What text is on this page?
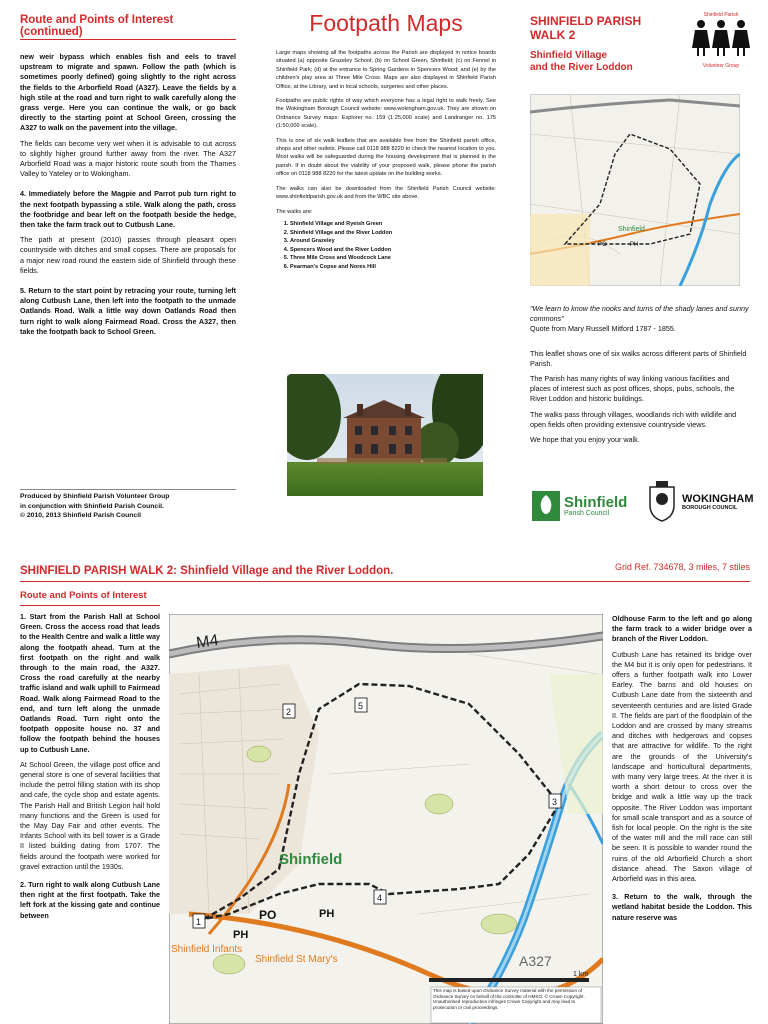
Route and Points of Interest (continued)

new weir bypass which enables fish and eels to travel upstream to migrate and spawn. Follow the path (which is sometimes poorly defined) going slightly to the right across the fields to the Arborfield Road (A327). Leave the fields by a high stile at the road and turn right to walk carefully along the grass verge. Here you can continue the walk, or go back directly to the starting point at School Green, crossing the A327 to walk on the pavement into the village.

The fields can become very wet when it is advisable to cut across to slightly higher ground further away from the river. The A327 Arborfield Road was a major historic route south from the Thames Valley to Yateley or to Wokingham.

4. Immediately before the Magpie and Parrot pub turn right to the next footpath bypassing a stile. Walk along the path, cross the footbridge and bear left on the footpath beside the hedge, then take the farm track out to Cutbush Lane.

The path at present (2010) passes through pleasant open countryside with ditches and small copses. There are proposals for a major new road round the eastern side of Shinfield through these fields.

5. Return to the start point by retracing your route, turning left along Cutbush Lane, then left into the footpath to the unmade Oatlands Road. Walk a little way down Oatlands Road then turn right to walk along Fairmead Road. Cross the A327, then take the footpath back to School Green.

Produced by Shinfield Parish Volunteer Group
in conjunction with Shinfield Parish Council.
© 2010, 2013 Shinfield Parish Council
Footpath Maps

Large maps showing all the footpaths across the Parish are displayed in notice boards situated (a) opposite Grazeley School; (b) on School Green, Shinfield; (c) on Fennel in Shinfield Park; (d) at the entrance to Spring Gardens in Spencers Wood; and (e) by the children's play area at Three Mile Cross. Maps are also displayed in Shinfield Parish Office, at the Library, and in local schools, surgeries and other places.

Footpaths are public rights of way which everyone has a legal right to walk freely. See the Wokingham Borough Council website: www.wokingham.gov.uk. They are shown on Ordnance Survey maps: Explorer no. 159 (1:25,000 scale) and Landranger no. 175 (1:50,000 scale).

This is one of six walk leaflets that are available free from the Shinfield parish office, shops and other outlets. Please call 0118 988 8220 to check the nearest location to you. Most walks will be safeguarded during the housing development that is planned in the parish. If in doubt about the viability of your proposed walk, please phone the parish office on 0118 988 8220 for the latest update on the building works.

The walks can also be downloaded from the Shinfield Parish Council website: www.shinfieldparish.gov.uk and from the WBC site above.

The walks are:

1. Shinfield Village and Ryeish Green
2. Shinfield Village and the River Loddon
3. Around Grazeley
4. Spencers Wood and the River Loddon
5. Three Mile Cross and Woodcock Lane
6. Pearman's Copse and Nores Hill
SHINFIELD PARISH
WALK 2
Shinfield Village
and the River Loddon
Shinfield Parish
Volunteer Group
Shinfield
PO	PH
"We learn to know the nooks and turns of the shady lanes and sunny commons"
Quote from Mary Russell Mitford 1787 - 1855.

This leaflet shows one of six walks across different parts of Shinfield Parish.

The Parish has many rights of way linking various facilities and places of interest such as post offices, shops, pubs, schools, the River Loddon and historic buildings.

The walks pass through villages, woodlands rich with wildlife and open fields often providing extensive countryside views.

We hope that you enjoy your walk.

Shinfield
Parish Council
WOKINGHAM
BOROUGH COUNCIL
SHINFIELD PARISH WALK 2: Shinfield Village and the River Loddon.	Grid Ref. 734678, 3 miles, 7 stiles
Route and Points of Interest

1. Start from the Parish Hall at School Green. Cross the access road that leads to the Health Centre and walk a little way along the footpath ahead. Turn at the first footpath on the right and walk through to the main road, the A327. Cross the road carefully at the nearby traffic island and walk uphill to Fairmead Road. Walk along Fairmead Road to the end, and turn left along the unmade Oatlands Road. Turn right onto the footpath opposite house no. 37 and follow the footpath behind the houses up to Cutbush Lane.

At School Green, the village post office and general store is one of several facilities that include the petrol filling station with its shop and cafe, the cycle shop and estate agents. The Parish Hall and British Legion hall hold many functions and the Green is used for the May Day Fair and other events. The Infants School with its bell tower is a Grade II listed building dating from 1707. The fields around the footpath were worked for gravel extraction until the 1930s.

2. Turn right to walk along Cutbush Lane then right at the first footpath. Take the left fork at the kissing gate and continue between

M4
A327
Shinfield
PO	PH
PH
Shinfield Infants
Shinfield St Mary's
1
2
3
4
5
1 km
This map is based upon Ordnance Survey material with the permission of Ordnance Survey on behalf of the controller of HMSO. © Crown Copyright. Unauthorised reproduction infringes Crown Copyright and may lead to prosecution or civil proceedings.

Oldhouse Farm to the left and go along the farm track to a wider bridge over a branch of the River Loddon.

Cutbush Lane has retained its bridge over the M4 but it is only open for pedestrians. It offers a further footpath walk into Lower Earley. The barns and old houses on Cutbush Lane date from the sixteenth and seventeenth centuries and are listed Grade II. The fields are part of the floodplain of the Loddon and are crossed by many streams and ditches with hedgerows and copses that are attractive for wildlife. To the right are the grounds of the University's landscape and horticultural departments, with many very large trees. At the river it is worth a short detour to cross over the bridge and walk a little way up the track opposite. The River Loddon was important for small scale transport and as a source of fish for local people. On the right is the site of the water mill and the mill race can still be seen. It is possible to wander round the ruins of the old Arborfield Church a short distance ahead. The Saxon village of Arborfield was in this area.

3. Return to the walk, through the wetland habitat beside the Loddon. This nature reserve was
